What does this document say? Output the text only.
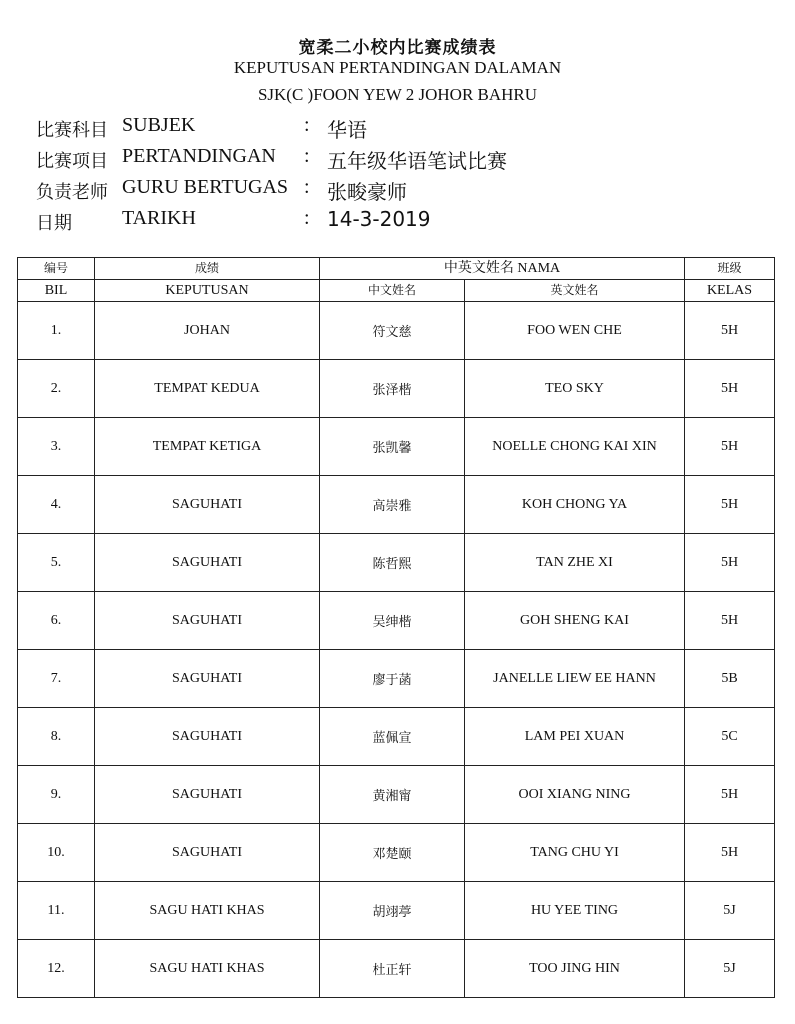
宽柔二小校内比赛成绩表
KEPUTUSAN PERTANDINGAN DALAMAN
SJK(C )FOON YEW 2 JOHOR BAHRU
比赛科目 SUBJEK	: 华语
比赛项目 PERTANDINGAN : 五年级华语笔试比赛
负责老师 GURU BERTUGAS : 张畯豪师
日期	TARIKH	: 14-3-2019
编号	成绩	中英文姓名 NAMA		班级
BIL	KEPUTUSAN	中文姓名	英文姓名	KELAS
1.	JOHAN	符文慈	FOO WEN CHE	5H
2.	TEMPAT KEDUA	张泽楷	TEO SKY	5H
3.	TEMPAT KETIGA	张凯馨	NOELLE CHONG KAI XIN	5H
4.	SAGUHATI	高崇雅	KOH CHONG YA	5H
5.	SAGUHATI	陈哲熙	TAN ZHE XI	5H
6.	SAGUHATI	吴绅楷	GOH SHENG KAI	5H
7.	SAGUHATI	廖于菡	JANELLE LIEW EE HANN	5B
8.	SAGUHATI	蓝佩宣	LAM PEI XUAN	5C
9.	SAGUHATI	黄湘甯	OOI XIANG NING	5H
10.	SAGUHATI	邓楚颐	TANG CHU YI	5H
11.	SAGU HATI KHAS	胡翊葶	HU YEE TING	5J
12.	SAGU HATI KHAS	杜正轩	TOO JING HIN	5J
